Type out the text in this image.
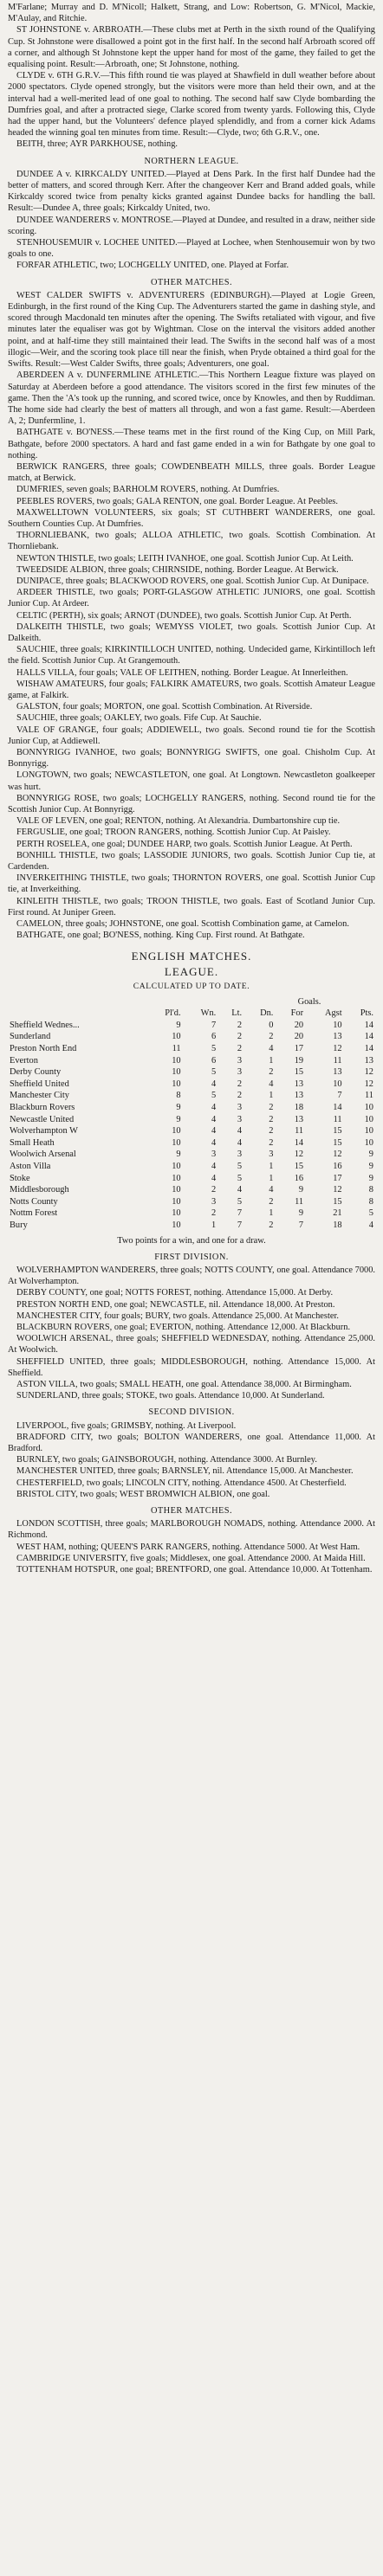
M'Farlane; Murray and D. M'Nicoll; Halkett, Strang, and Low: Robertson, G. M'Nicol, Mackie, M'Aulay, and Ritchie.

ST JOHNSTONE v. ARBROATH.—These clubs met at Perth in the sixth round of the Qualifying Cup. St Johnstone were disallowed a point got in the first half. In the second half Arbroath scored off a corner, and although St Johnstone kept the upper hand for most of the game, they failed to get the equalising point. Result:—Arbroath, one; St Johnstone, nothing.

CLYDE v. 6TH G.R.V.—This fifth round tie was played at Shawfield in dull weather before about 2000 spectators. Clyde opened strongly, but the visitors were more than held their own, and at the interval had a well-merited lead of one goal to nothing. The second half saw Clyde bombarding the Dumfries goal, and after a protracted siege, Clarke scored from twenty yards. Following this, Clyde had the upper hand, but the Volunteers' defence played splendidly, and from a corner kick Adams headed the winning goal ten minutes from time. Result:—Clyde, two; 6th G.R.V., one.

BEITH, three; AYR PARKHOUSE, nothing.

NORTHERN LEAGUE.

DUNDEE A v. KIRKCALDY UNITED.—Played at Dens Park. In the first half Dundee had the better of matters, and scored through Kerr. After the changeover Kerr and Brand added goals, while Kirkcaldy scored twice from penalty kicks granted against Dundee backs for handling the ball. Result:—Dundee A, three goals; Kirkcaldy United, two.

DUNDEE WANDERERS v. MONTROSE.—Played at Dundee, and resulted in a draw, neither side scoring.

STENHOUSEMUIR v. LOCHEE UNITED.—Played at Lochee, when Stenhousemuir won by two goals to one.

FORFAR ATHLETIC, two; LOCHGELLY UNITED, one. Played at Forfar.

OTHER MATCHES.

WEST CALDER SWIFTS v. ADVENTURERS (EDINBURGH).—Played at Logie Green, Edinburgh, in the first round of the King Cup. The Adventurers started the game in dashing style, and scored through Macdonald ten minutes after the opening. The Swifts retaliated with vigour, and five minutes later the equaliser was got by Wightman. Close on the interval the visitors added another point, and at half-time they still maintained their lead. The Swifts in the second half was of a most illogic—Weir, and the scoring took place till near the finish, when Pryde obtained a third goal for the Swifts. Result:—West Calder Swifts, three goals; Adventurers, one goal.

ABERDEEN A v. DUNFERMLINE ATHLETIC.—This Northern League fixture was played on Saturday at Aberdeen before a good attendance. The visitors scored in the first few minutes of the game. Then the 'A's took up the running, and scored twice, once by Knowles, and then by Ruddiman. The home side had clearly the best of matters all through, and won a fast game. Result:—Aberdeen A, 2; Dunfermline, 1.

BATHGATE v. BO'NESS.—These teams met in the first round of the King Cup, on Mill Park, Bathgate, before 2000 spectators. A hard and fast game ended in a win for Bathgate by one goal to nothing.

BERWICK RANGERS, three goals; COWDENBEATH MILLS, three goals. Border League match, at Berwick.

DUMFRIES, seven goals; BARHOLM ROVERS, nothing. At Dumfries.

PEEBLES ROVERS, two goals; GALA RENTON, one goal. Border League. At Peebles.

MAXWELLTOWN VOLUNTEERS, six goals; ST CUTHBERT WANDERERS, one goal. Southern Counties Cup. At Dumfries.

THORNLIEBANK, two goals; ALLOA ATHLETIC, two goals. Scottish Combination. At Thornliebank.

NEWTON THISTLE, two goals; LEITH IVANHOE, one goal. Scottish Junior Cup. At Leith.

TWEEDSIDE ALBION, three goals; CHIRNSIDE, nothing. Border League. At Berwick.

DUNIPACE, three goals; BLACKWOOD ROVERS, one goal. Scottish Junior Cup. At Dunipace.

ARDEER THISTLE, two goals; PORT-GLASGOW ATHLETIC JUNIORS, one goal. Scottish Junior Cup. At Ardeer.

CELTIC (PERTH), six goals; ARNOT (DUNDEE), two goals. Scottish Junior Cup. At Perth.

DALKEITH THISTLE, two goals; WEMYSS VIOLET, two goals. Scottish Junior Cup. At Dalkeith.

SAUCHIE, three goals; KIRKINTILLOCH UNITED, nothing. Undecided game, Kirkintilloch left the field. Scottish Junior Cup. At Grangemouth.

HALLS VILLA, four goals; VALE OF LEITHEN, nothing. Border League. At Innerleithen.

WISHAW AMATEURS, four goals; FALKIRK AMATEURS, two goals. Scottish Amateur League game, at Falkirk.

GALSTON, four goals; MORTON, one goal. Scottish Combination. At Riverside.

SAUCHIE, three goals; OAKLEY, two goals. Fife Cup. At Sauchie.

VALE OF GRANGE, four goals; ADDIEWELL, two goals. Second round tie for the Scottish Junior Cup, at Addiewell.

BONNYRIGG IVANHOE, two goals; BONNYRIGG SWIFTS, one goal. Chisholm Cup. At Bonnyrigg.

LONGTOWN, two goals; NEWCASTLETON, one goal. At Longtown. Newcastleton goalkeeper was hurt.

BONNYRIGG ROSE, two goals; LOCHGELLY RANGERS, nothing. Second round tie for the Scottish Junior Cup. At Bonnyrigg.

VALE OF LEVEN, one goal; RENTON, nothing. At Alexandria. Dumbartonshire cup tie.

FERGUSLIE, one goal; TROON RANGERS, nothing. Scottish Junior Cup. At Paisley.

PERTH ROSELEA, one goal; DUNDEE HARP, two goals. Scottish Junior League. At Perth.

BONHILL THISTLE, two goals; LASSODIE JUNIORS, two goals. Scottish Junior Cup tie, at Cardenden.

INVERKEITHING THISTLE, two goals; THORNTON ROVERS, one goal. Scottish Junior Cup tie, at Inverkeithing.

KINLEITH THISTLE, two goals; TROON THISTLE, two goals. East of Scotland Junior Cup. First round. At Juniper Green.

CAMELON, three goals; JOHNSTONE, one goal. Scottish Combination game, at Camelon.

BATHGATE, one goal; BO'NESS, nothing. King Cup. First round. At Bathgate.

ENGLISH MATCHES.
LEAGUE.
CALCULATED UP TO DATE.
					Goals.		
	Pl'd.	Wn.	Lt.	Dn.	For	Agst	Pts.
Sheffield Wednes...	9	7	2	0	20	10	14
Sunderland	10	6	2	2	20	13	14
Preston North End	11	5	2	4	17	12	14
Everton	10	6	3	1	19	11	13
Derby County	10	5	3	2	15	13	12
Sheffield United	10	4	2	4	13	10	12
Manchester City	8	5	2	1	13	7	11
Blackburn Rovers	9	4	3	2	18	14	10
Newcastle United	9	4	3	2	13	11	10
Wolverhampton W	10	4	4	2	11	15	10
Small Heath	10	4	4	2	14	15	10
Woolwich Arsenal	9	3	3	3	12	12	9
Aston Villa	10	4	5	1	15	16	9
Stoke	10	4	5	1	16	17	9
Middlesborough	10	2	4	4	9	12	8
Notts County	10	3	5	2	11	15	8
Nottm Forest	10	2	7	1	9	21	5
Bury	10	1	7	2	7	18	4
Two points for a win, and one for a draw.
FIRST DIVISION.

WOLVERHAMPTON WANDERERS, three goals; NOTTS COUNTY, one goal. Attendance 7000. At Wolverhampton.

DERBY COUNTY, one goal; NOTTS FOREST, nothing. Attendance 15,000. At Derby.

PRESTON NORTH END, one goal; NEWCASTLE, nil. Attendance 18,000. At Preston.

MANCHESTER CITY, four goals; BURY, two goals. Attendance 25,000. At Manchester.

BLACKBURN ROVERS, one goal; EVERTON, nothing. Attendance 12,000. At Blackburn.

WOOLWICH ARSENAL, three goals; SHEFFIELD WEDNESDAY, nothing. Attendance 25,000. At Woolwich.

SHEFFIELD UNITED, three goals; MIDDLESBOROUGH, nothing. Attendance 15,000. At Sheffield.

ASTON VILLA, two goals; SMALL HEATH, one goal. Attendance 38,000. At Birmingham.

SUNDERLAND, three goals; STOKE, two goals. Attendance 10,000. At Sunderland.

SECOND DIVISION.

LIVERPOOL, five goals; GRIMSBY, nothing. At Liverpool.

BRADFORD CITY, two goals; BOLTON WANDERERS, one goal. Attendance 11,000. At Bradford.

BURNLEY, two goals; GAINSBOROUGH, nothing. Attendance 3000. At Burnley.

MANCHESTER UNITED, three goals; BARNSLEY, nil. Attendance 15,000. At Manchester.

CHESTERFIELD, two goals; LINCOLN CITY, nothing. Attendance 4500. At Chesterfield.

BRISTOL CITY, two goals; WEST BROMWICH ALBION, one goal.

OTHER MATCHES.

LONDON SCOTTISH, three goals; MARLBOROUGH NOMADS, nothing. Attendance 2000. At Richmond.

WEST HAM, nothing; QUEEN'S PARK RANGERS, nothing. Attendance 5000. At West Ham.

CAMBRIDGE UNIVERSITY, five goals; Middlesex, one goal. Attendance 2000. At Maida Hill.

TOTTENHAM HOTSPUR, one goal; BRENTFORD, one goal. Attendance 10,000. At Tottenham.
